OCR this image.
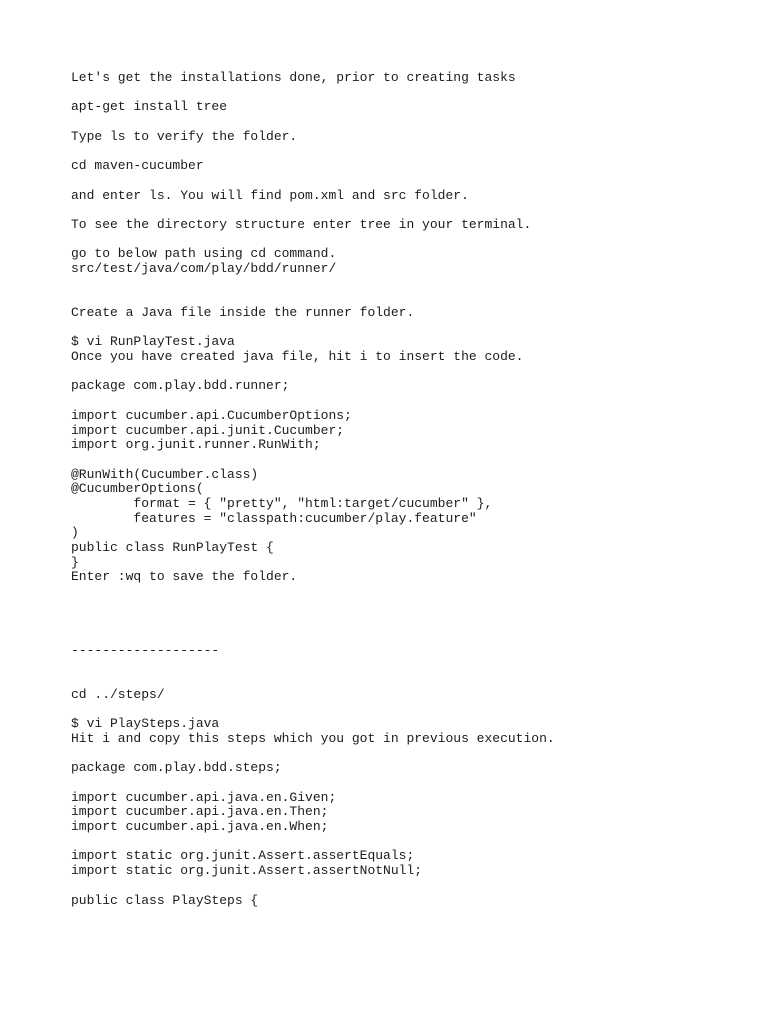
Let's get the installations done, prior to creating tasks
apt-get install tree
Type ls to verify the folder.
cd maven-cucumber
and enter ls. You will find pom.xml and src folder.
To see the directory structure enter tree in your terminal.
go to below path using cd command.
src/test/java/com/play/bdd/runner/
Create a Java file inside the runner folder.
$ vi RunPlayTest.java
Once you have created java file, hit i to insert the code.
package com.play.bdd.runner;
import cucumber.api.CucumberOptions;
import cucumber.api.junit.Cucumber;
import org.junit.runner.RunWith;
@RunWith(Cucumber.class)
@CucumberOptions(
format = { "pretty", "html:target/cucumber" },
features = "classpath:cucumber/play.feature"
)
public class RunPlayTest {
}
Enter :wq to save the folder.
-------------------
cd ../steps/
$ vi PlaySteps.java
Hit i and copy this steps which you got in previous execution.
package com.play.bdd.steps;
import cucumber.api.java.en.Given;
import cucumber.api.java.en.Then;
import cucumber.api.java.en.When;
import static org.junit.Assert.assertEquals;
import static org.junit.Assert.assertNotNull;
public class PlaySteps {
